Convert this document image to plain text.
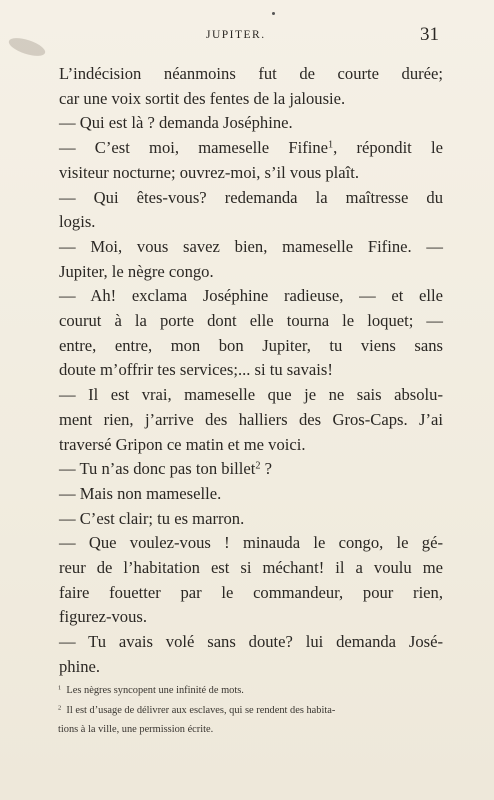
JUPITER.	31
L’indécision néanmoins fut de courte durée;
car une voix sortit des fentes de la jalousie.
— Qui est là ? demanda Joséphine.
— C’est moi, mameselle Fifine$^1$, répondit le
visiteur nocturne; ouvrez-moi, s’il vous plaît.
— Qui êtes-vous? redemanda la maîtresse du
logis.
— Moi, vous savez bien, mameselle Fifine. —
Jupiter, le nègre congo.
— Ah! exclama Joséphine radieuse, — et elle
courut à la porte dont elle tourna le loquet; —
entre, entre, mon bon Jupiter, tu viens sans
doute m’offrir tes services;... si tu savais!
— Il est vrai, mameselle que je ne sais absolu-
ment rien, j’arrive des halliers des Gros-Caps. J’ai
traversé Gripon ce matin et me voici.
— Tu n’as donc pas ton billet$^2$ ?
— Mais non mameselle.
— C’est clair; tu es marron.
— Que voulez-vous ! minauda le congo, le gé-
reur de l’habitation est si méchant! il a voulu me
faire fouetter par le commandeur, pour rien,
figurez-vous.
— Tu avais volé sans doute? lui demanda José-
phine.
$^1$  Les nègres syncopent une infinité de mots.
$^2$  Il est d’usage de délivrer aux esclaves, qui se rendent des habita-
tions à la ville, une permission écrite.
